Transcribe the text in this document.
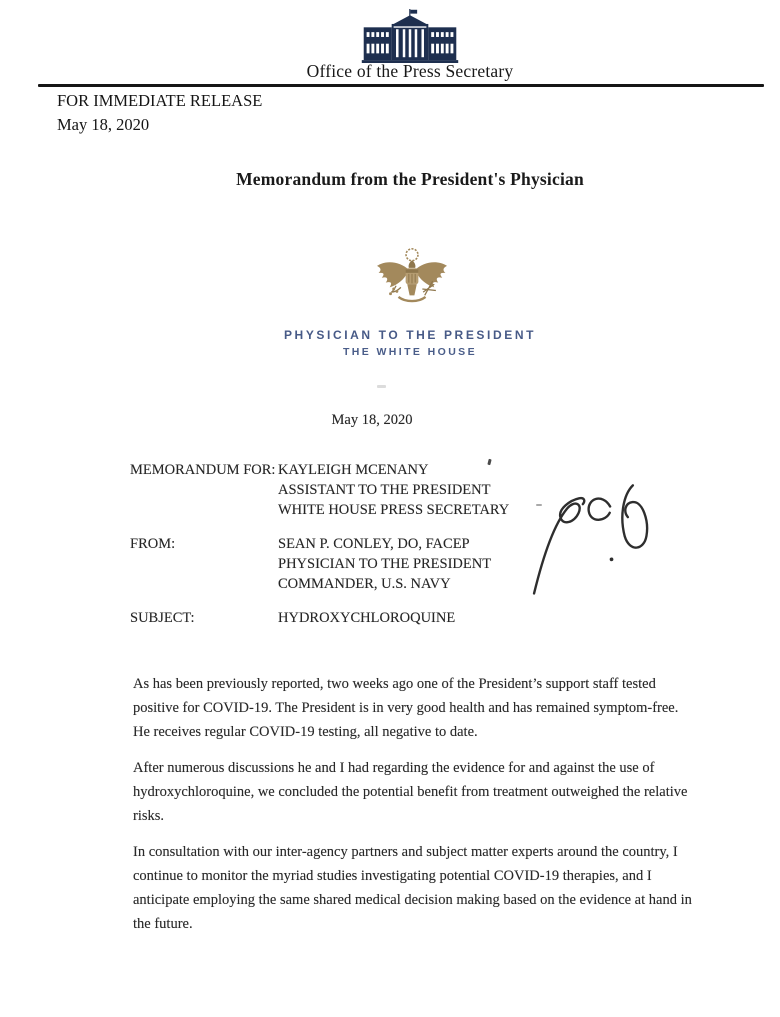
Office of the Press Secretary
FOR IMMEDIATE RELEASE
May 18, 2020
Memorandum from the President's Physician
PHYSICIAN TO THE PRESIDENT
THE WHITE HOUSE
May 18, 2020
MEMORANDUM FOR: KAYLEIGH MCENANY
ASSISTANT TO THE PRESIDENT
WHITE HOUSE PRESS SECRETARY
FROM:	SEAN P. CONLEY, DO, FACEP
PHYSICIAN TO THE PRESIDENT
COMMANDER, U.S. NAVY
SUBJECT:	HYDROXYCHLOROQUINE

As has been previously reported, two weeks ago one of the President’s support staff tested positive for COVID-19. The President is in very good health and has remained symptom-free. He receives regular COVID-19 testing, all negative to date.

After numerous discussions he and I had regarding the evidence for and against the use of hydroxychloroquine, we concluded the potential benefit from treatment outweighed the relative risks.

In consultation with our inter-agency partners and subject matter experts around the country, I continue to monitor the myriad studies investigating potential COVID-19 therapies, and I anticipate employing the same shared medical decision making based on the evidence at hand in the future.
